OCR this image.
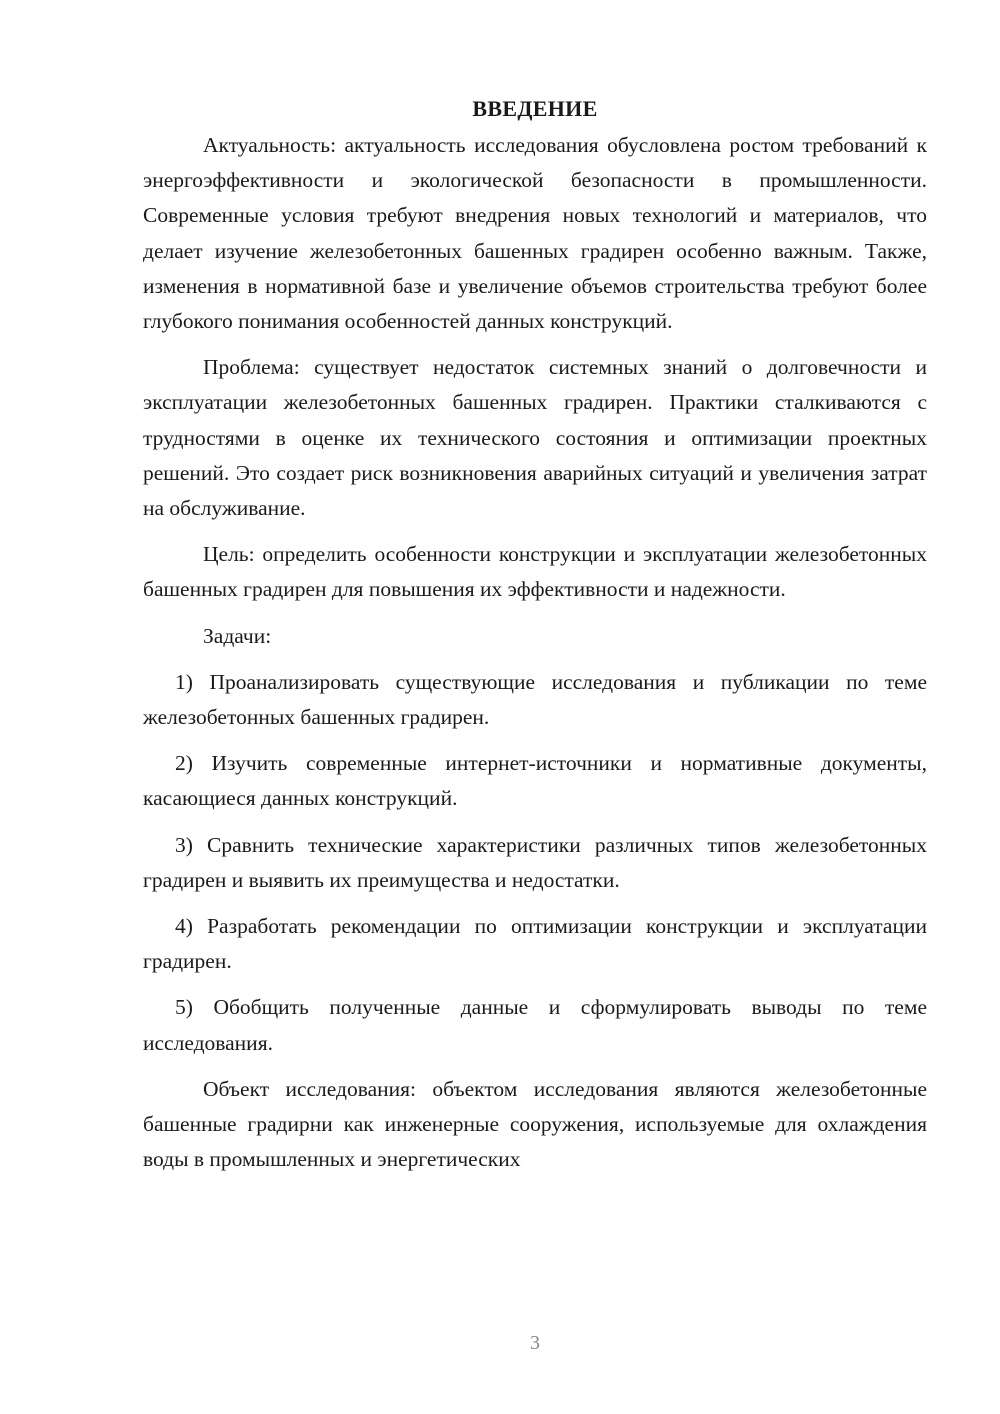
ВВЕДЕНИЕ

Актуальность: актуальность исследования обусловлена ростом требований к энергоэффективности и экологической безопасности в промышленности. Современные условия требуют внедрения новых технологий и материалов, что делает изучение железобетонных башенных градирен особенно важным. Также, изменения в нормативной базе и увеличение объемов строительства требуют более глубокого понимания особенностей данных конструкций.

Проблема: существует недостаток системных знаний о долговечности и эксплуатации железобетонных башенных градирен. Практики сталкиваются с трудностями в оценке их технического состояния и оптимизации проектных решений. Это создает риск возникновения аварийных ситуаций и увеличения затрат на обслуживание.

Цель: определить особенности конструкции и эксплуатации железобетонных башенных градирен для повышения их эффективности и надежности.

Задачи:

1) Проанализировать существующие исследования и публикации по теме железобетонных башенных градирен.

2) Изучить современные интернет-источники и нормативные документы, касающиеся данных конструкций.

3) Сравнить технические характеристики различных типов железобетонных градирен и выявить их преимущества и недостатки.

4) Разработать рекомендации по оптимизации конструкции и эксплуатации градирен.

5) Обобщить полученные данные и сформулировать выводы по теме исследования.

Объект исследования: объектом исследования являются железобетонные башенные градирни как инженерные сооружения, используемые для охлаждения воды в промышленных и энергетических

3
